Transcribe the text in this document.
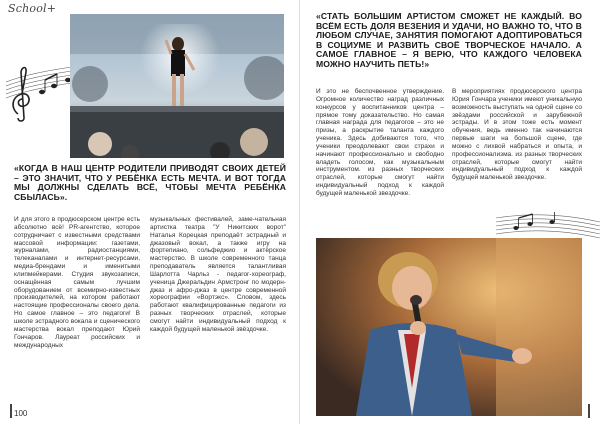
School+
«КОГДА В НАШ ЦЕНТР РОДИТЕЛИ ПРИВОДЯТ СВОИХ ДЕТЕЙ – ЭТО ЗНАЧИТ, ЧТО У РЕБЁНКА ЕСТЬ МЕЧТА. И ВОТ ТОГДА МЫ ДОЛЖНЫ СДЕЛАТЬ ВСЁ, ЧТОБЫ МЕЧТА РЕБЁНКА СБЫЛАСЬ».
И для этого в продюсерском центре есть абсолютно всё! PR-агентство, которое сотрудничает с известными средствами массовой информации: газетами, журналами, радиостанциями, телеканалами и интернет-ресурсами, медиа-брендами и именитыми клипмейкерами. Студия звукозаписи, оснащённая самым лучшим оборудованием от всемирно-известных производителей, на котором работают настоящие профессионалы своего дела. Но самое главное – это педагоги! В школе эстрадного вокала и сценического мастерства вокал преподают Юрий Гончаров. Лауреат российских и международных
музыкальных фестивалей, заме-чательная артистка театра "У Никитских ворот" Наталья Корецкая преподаёт эстрадный и джазовый вокал, а также игру на фортепиано, сольфеджио и актёрское мастерство. В школе современного танца преподаватель является талантливая Шарлотта Чарльз - педагог-хореограф, ученица Джеральдин Армстронг по модерн-джаз и афро-джаз в центре современной хореографии «Вортэкс». Словом, здесь работают квалифицированные педагоги из разных творческих отраслей, которые смогут найти индивидуальный подход к каждой будущей маленькой звёздочке.
100
«СТАТЬ БОЛЬШИМ АРТИСТОМ СМОЖЕТ НЕ КАЖДЫЙ. ВО ВСЁМ ЕСТЬ ДОЛЯ ВЕЗЕНИЯ И УДАЧИ, НО ВАЖНО ТО, ЧТО В ЛЮБОМ СЛУЧАЕ, ЗАНЯТИЯ ПОМОГАЮТ АДОПТИРОВАТЬСЯ В СОЦИУМЕ И РАЗВИТЬ СВОЁ ТВОРЧЕСКОЕ НАЧАЛО. А САМОЕ ГЛАВНОЕ – Я ВЕРЮ, ЧТО КАЖДОГО ЧЕЛОВЕКА МОЖНО НАУЧИТЬ ПЕТЬ!»
И это не беспочвенное утверждение. Огромное количество наград различных конкурсов у воспитанников центра – прямое тому доказательство. Но самая главная награда для педагогов – это не призы, а раскрытие таланта каждого ученика. Здесь добиваются того, что ученики преодолевают свои страхи и начинают профессионально и свободно владеть голосом, как музыкальным инструментом. из разных творческих отраслей, которые смогут найти индивидуальный подход к каждой будущей маленькой звездочке.
В мероприятиях продюсерского центра Юрия Гончара ученики имеют уникальную возможность выступать на одной сцене со звёздами российской и зарубежной эстрады. И в этом тоже есть момент обучения, ведь именно так начинаются первые шаги на большой сцене, где можно с лихвой набраться и опыта, и профессионализма. из разных творческих отраслей, которые смогут найти индивидуальный подход к каждой будущей маленькой звездочке.
